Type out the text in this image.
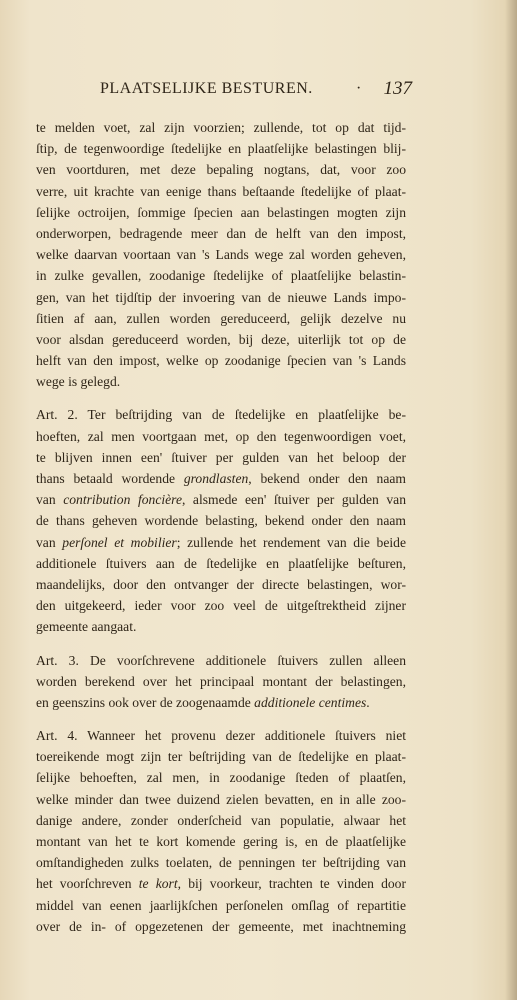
PLAATSELIJKE BESTUREN.	· 137
te melden voet, zal zijn voorzien; zullende, tot op dat tijd-
ſtip, de tegenwoordige ſtedelijke en plaatſelijke belastingen blij-
ven voortduren, met deze bepaling nogtans, dat, voor zoo
verre, uit krachte van eenige thans beſtaande ſtedelijke of plaat-
ſelijke octroijen, ſommige ſpecien aan belastingen mogten zijn
onderworpen, bedragende meer dan de helft van den impost,
welke daarvan voortaan van 's Lands wege zal worden geheven,
in zulke gevallen, zoodanige ſtedelijke of plaatſelijke belastin-
gen, van het tijdſtip der invoering van de nieuwe Lands impo-
ſitien af aan, zullen worden gereduceerd, gelijk dezelve nu
voor alsdan gereduceerd worden, bij deze, uiterlijk tot op de
helft van den impost, welke op zoodanige ſpecien van 's Lands
wege is gelegd.
Art. 2. Ter beſtrijding van de ſtedelijke en plaatſelijke be-
hoeften, zal men voortgaan met, op den tegenwoordigen voet,
te blijven innen een' ſtuiver per gulden van het beloop der
thans betaald wordende grondlasten, bekend onder den naam
van contribution foncière, alsmede een' ſtuiver per gulden van
de thans geheven wordende belasting, bekend onder den naam
van perſonel et mobilier; zullende het rendement van die beide
additionele ſtuivers aan de ſtedelijke en plaatſelijke beſturen,
maandelijks, door den ontvanger der directe belastingen, wor-
den uitgekeerd, ieder voor zoo veel de uitgeſtrektheid zijner
gemeente aangaat.
Art. 3. De voorſchrevene additionele ſtuivers zullen alleen
worden berekend over het principaal montant der belastingen,
en geenszins ook over de zoogenaamde additionele centimes.
Art. 4. Wanneer het provenu dezer additionele ſtuivers niet
toereikende mogt zijn ter beſtrijding van de ſtedelijke en plaat-
ſelijke behoeften, zal men, in zoodanige ſteden of plaatſen,
welke minder dan twee duizend zielen bevatten, en in alle zoo-
danige andere, zonder onderſcheid van populatie, alwaar het
montant van het te kort komende gering is, en de plaatſelijke
omſtandigheden zulks toelaten, de penningen ter beſtrijding van
het voorſchreven te kort, bij voorkeur, trachten te vinden door
middel van eenen jaarlijkſchen perſonelen omſlag of repartitie
over de in- of opgezetenen der gemeente, met inachtneming
